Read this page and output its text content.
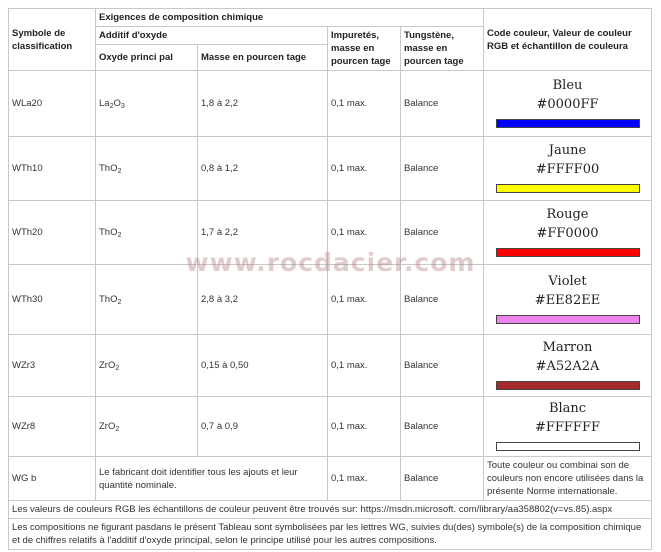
Symbole de classification	Exigences de composition chimique				Code couleur, Valeur de couleur RGB et échantillon de couleura
	Additif d'oxyde		Impuretés, masse en pourcen tage	Tungstène, masse en pourcen tage	
	Oxyde princi pal	Masse en pourcen tage			
WLa20	$La_2O_3$	1,8 à 2,2	0,1 max.	Balance	Bleu
#0000FF

WTh10	ThO$_2$	0,8 à 1,2	0,1 max.	Balance	Jaune
#FFFF00

WTh20	ThO$_2$	1,7 à 2,2	0,1 max.	Balance	Rouge
#FF0000

WTh30	ThO$_2$	2,8 à 3,2	0,1 max.	Balance	Violet
#EE82EE

WZr3	ZrO$_2$	0,15 à 0,50	0,1 max.	Balance	Marron
#A52A2A

WZr8	ZrO$_2$	0,7 à 0,9	0,1 max.	Balance	Blanc
#FFFFFF

WG b	Le fabricant doit identifier tous les ajouts et leur quantité nominale.		0,1 max.	Balance	Toute couleur ou combinai son de couleurs non encore utilisées dans la présente Norme internationale.
Les valeurs de couleurs RGB les échantillons de couleur peuvent être trouvés sur: https://msdn.microsoft. com/library/aa358802(v=vs.85).aspx					
Les compositions ne figurant pasdans le présent Tableau sont symbolisées par les lettres WG, suivies du(des) symbole(s) de la composition chimique et de chiffres relatifs à l'additif d'oxyde principal, selon le principe utilisé pour les autres compositions.					
www.rocdacier.com
